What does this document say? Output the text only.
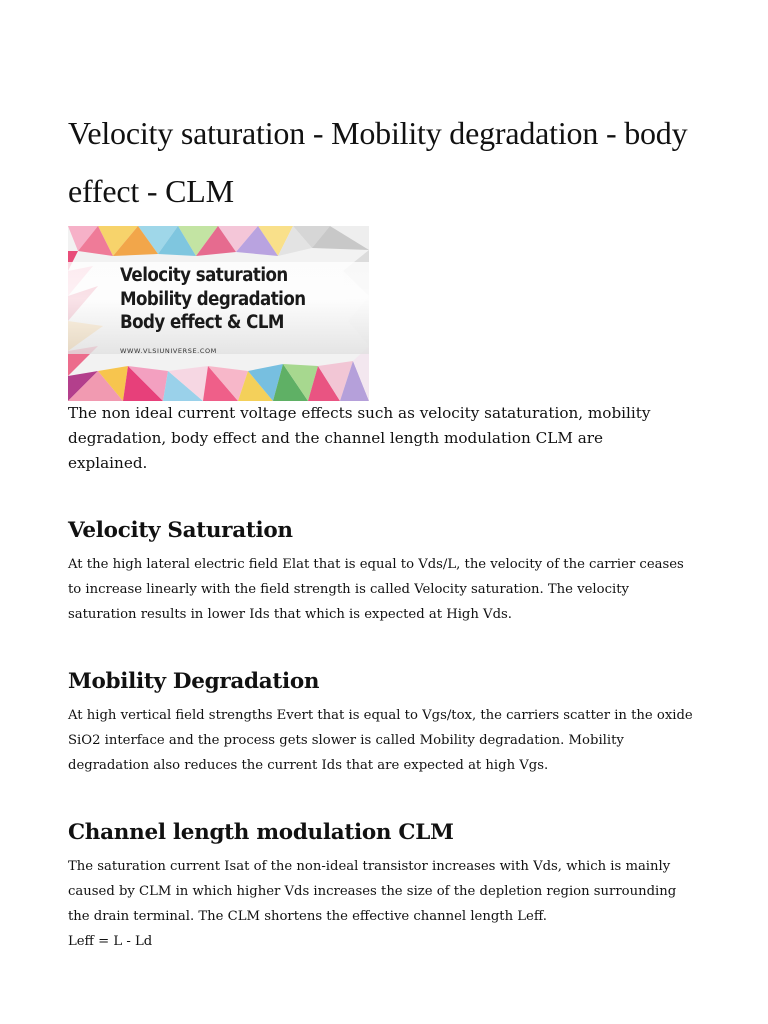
Velocity saturation - Mobility degradation - body effect - CLM
Velocity saturation
Mobility degradation
Body effect & CLM
WWW.VLSIUNIVERSE.COM

The non ideal current voltage effects such as velocity sataturation, mobility degradation, body effect and the channel length modulation CLM are explained.

Velocity Saturation

At the high lateral electric field Elat that is equal to Vds/L, the velocity of the carrier ceases to increase linearly with the field strength is called Velocity saturation. The velocity saturation results in lower Ids that which is expected at High Vds.

Mobility Degradation

At high vertical field strengths Evert that is equal to Vgs/tox, the carriers scatter in the oxide SiO2 interface and the process gets slower is called Mobility degradation. Mobility degradation also reduces the current Ids that are expected at high Vgs.

Channel length modulation CLM

The saturation current Isat of the non-ideal transistor increases with Vds, which is mainly caused by CLM in which higher Vds increases the size of the depletion region surrounding the drain terminal. The CLM shortens the effective channel length Leff.
Leff = L - Ld
